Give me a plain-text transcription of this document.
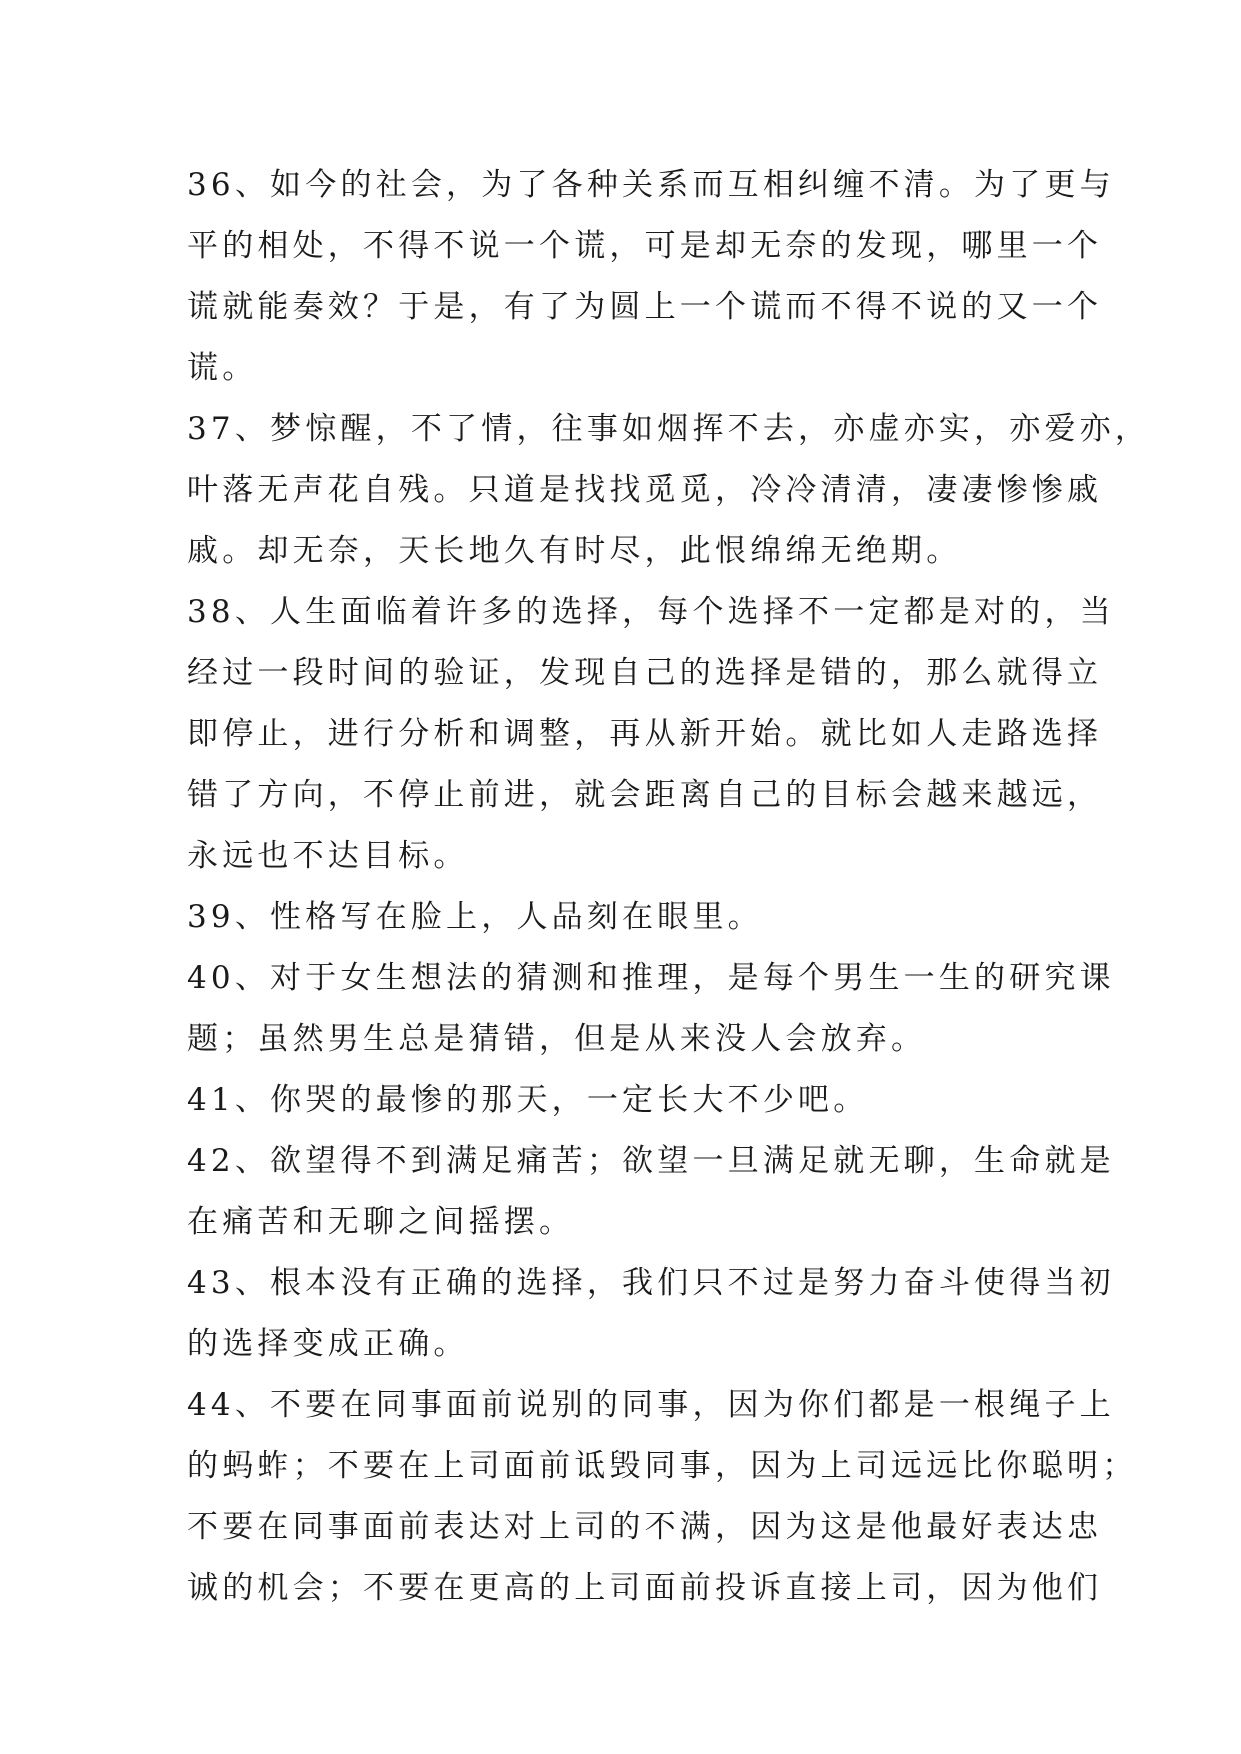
36、如今的社会，为了各种关系而互相纠缠不清。为了更与
平的相处，不得不说一个谎，可是却无奈的发现，哪里一个
谎就能奏效？于是，有了为圆上一个谎而不得不说的又一个
谎。
37、梦惊醒，不了情，往事如烟挥不去，亦虚亦实，亦爱亦，
叶落无声花自残。只道是找找觅觅，冷冷清清，凄凄惨惨戚
戚。却无奈，天长地久有时尽，此恨绵绵无绝期。
38、人生面临着许多的选择，每个选择不一定都是对的，当
经过一段时间的验证，发现自己的选择是错的，那么就得立
即停止，进行分析和调整，再从新开始。就比如人走路选择
错了方向，不停止前进，就会距离自己的目标会越来越远，
永远也不达目标。
39、性格写在脸上，人品刻在眼里。
40、对于女生想法的猜测和推理，是每个男生一生的研究课
题；虽然男生总是猜错，但是从来没人会放弃。
41、你哭的最惨的那天，一定长大不少吧。
42、欲望得不到满足痛苦；欲望一旦满足就无聊，生命就是
在痛苦和无聊之间摇摆。
43、根本没有正确的选择，我们只不过是努力奋斗使得当初
的选择变成正确。
44、不要在同事面前说别的同事，因为你们都是一根绳子上
的蚂蚱；不要在上司面前诋毁同事，因为上司远远比你聪明；
不要在同事面前表达对上司的不满，因为这是他最好表达忠
诚的机会；不要在更高的上司面前投诉直接上司，因为他们
